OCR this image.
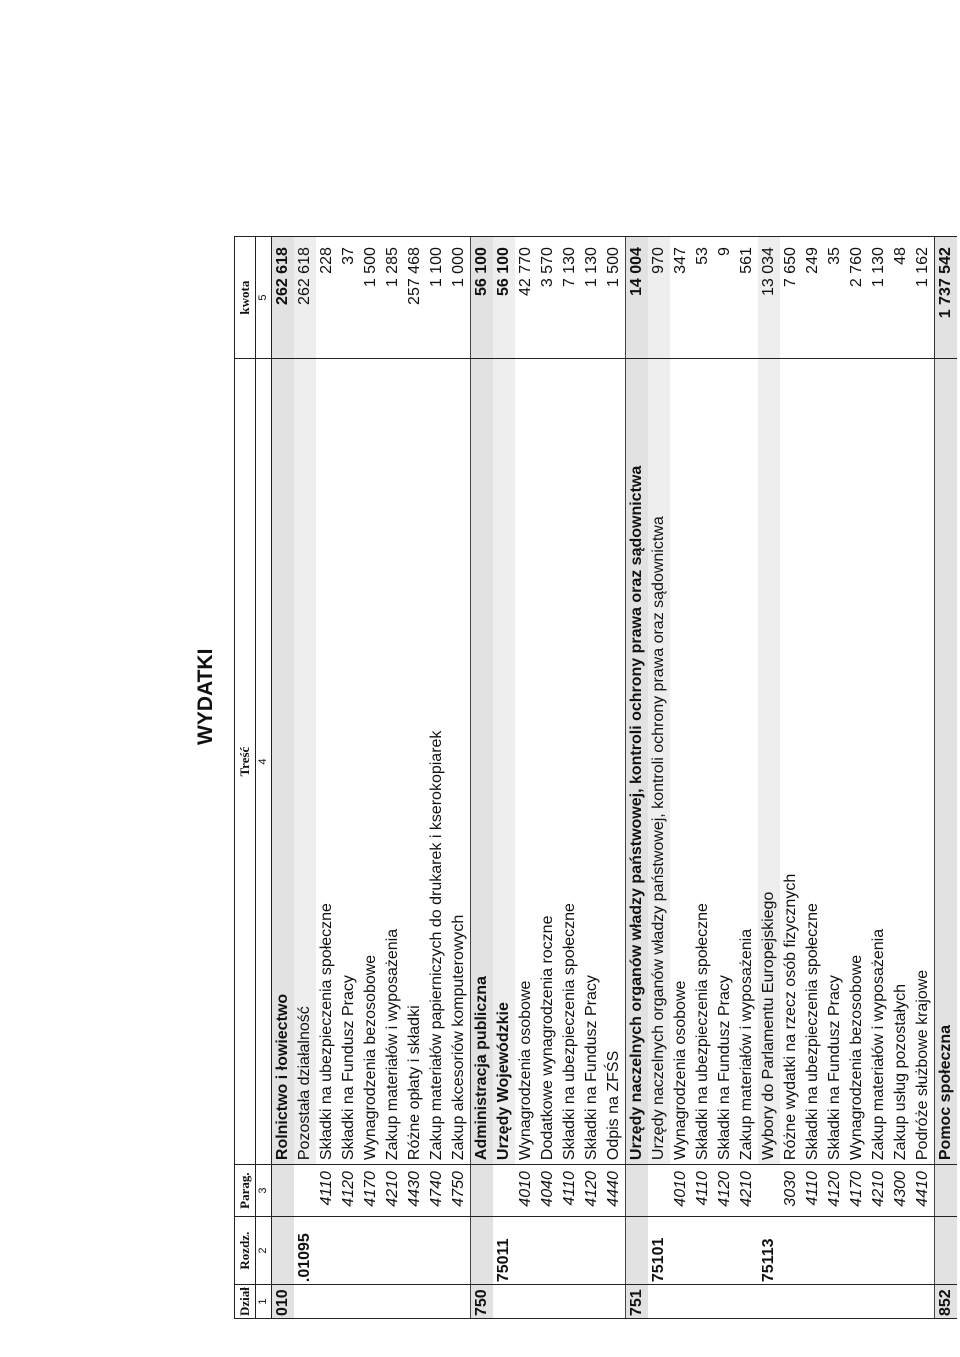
WYDATKI
Dział	Rozdz.	Parag.	Treść	kwota
1	2	3	4	5
010			Rolnictwo i łowiectwo	262 618
	.01095		Pozostała działalność	262 618
		4110	Składki na ubezpieczenia społeczne	228
		4120	Składki na Fundusz Pracy	37
		4170	Wynagrodzenia bezosobowe	1 500
		4210	Zakup materiałów i wyposażenia	1 285
		4430	Różne opłaty i składki	257 468
		4740	Zakup materiałów papierniczych do drukarek i kserokopiarek	1 100
		4750	Zakup akcesoriów komputerowych	1 000
750			Administracja publiczna	56 100
	75011		Urzędy Wojewódzkie	56 100
		4010	Wynagrodzenia osobowe	42 770
		4040	Dodatkowe wynagrodzenia roczne	3 570
		4110	Składki na ubezpieczenia społeczne	7 130
		4120	Składki na Fundusz Pracy	1 130
		4440	Odpis na ZFŚS	1 500
751			Urzędy naczelnych organów władzy państwowej, kontroli ochrony prawa oraz sądownictwa	14 004
	75101		Urzędy naczelnych organów władzy państwowej, kontroli ochrony prawa oraz sądownictwa	970
		4010	Wynagrodzenia osobowe	347
		4110	Składki na ubezpieczenia społeczne	53
		4120	Składki na Fundusz Pracy	9
		4210	Zakup materiałów i wyposażenia	561
	75113		Wybory do Parlamentu Europejskiego	13 034
		3030	Różne wydatki na rzecz osób fizycznych	7 650
		4110	Składki na ubezpieczenia społeczne	249
		4120	Składki na Fundusz Pracy	35
		4170	Wynagrodzenia bezosobowe	2 760
		4210	Zakup materiałów i wyposażenia	1 130
		4300	Zakup usług pozostałych	48
		4410	Podróże służbowe krajowe	1 162
852			Pomoc społeczna	1 737 542
